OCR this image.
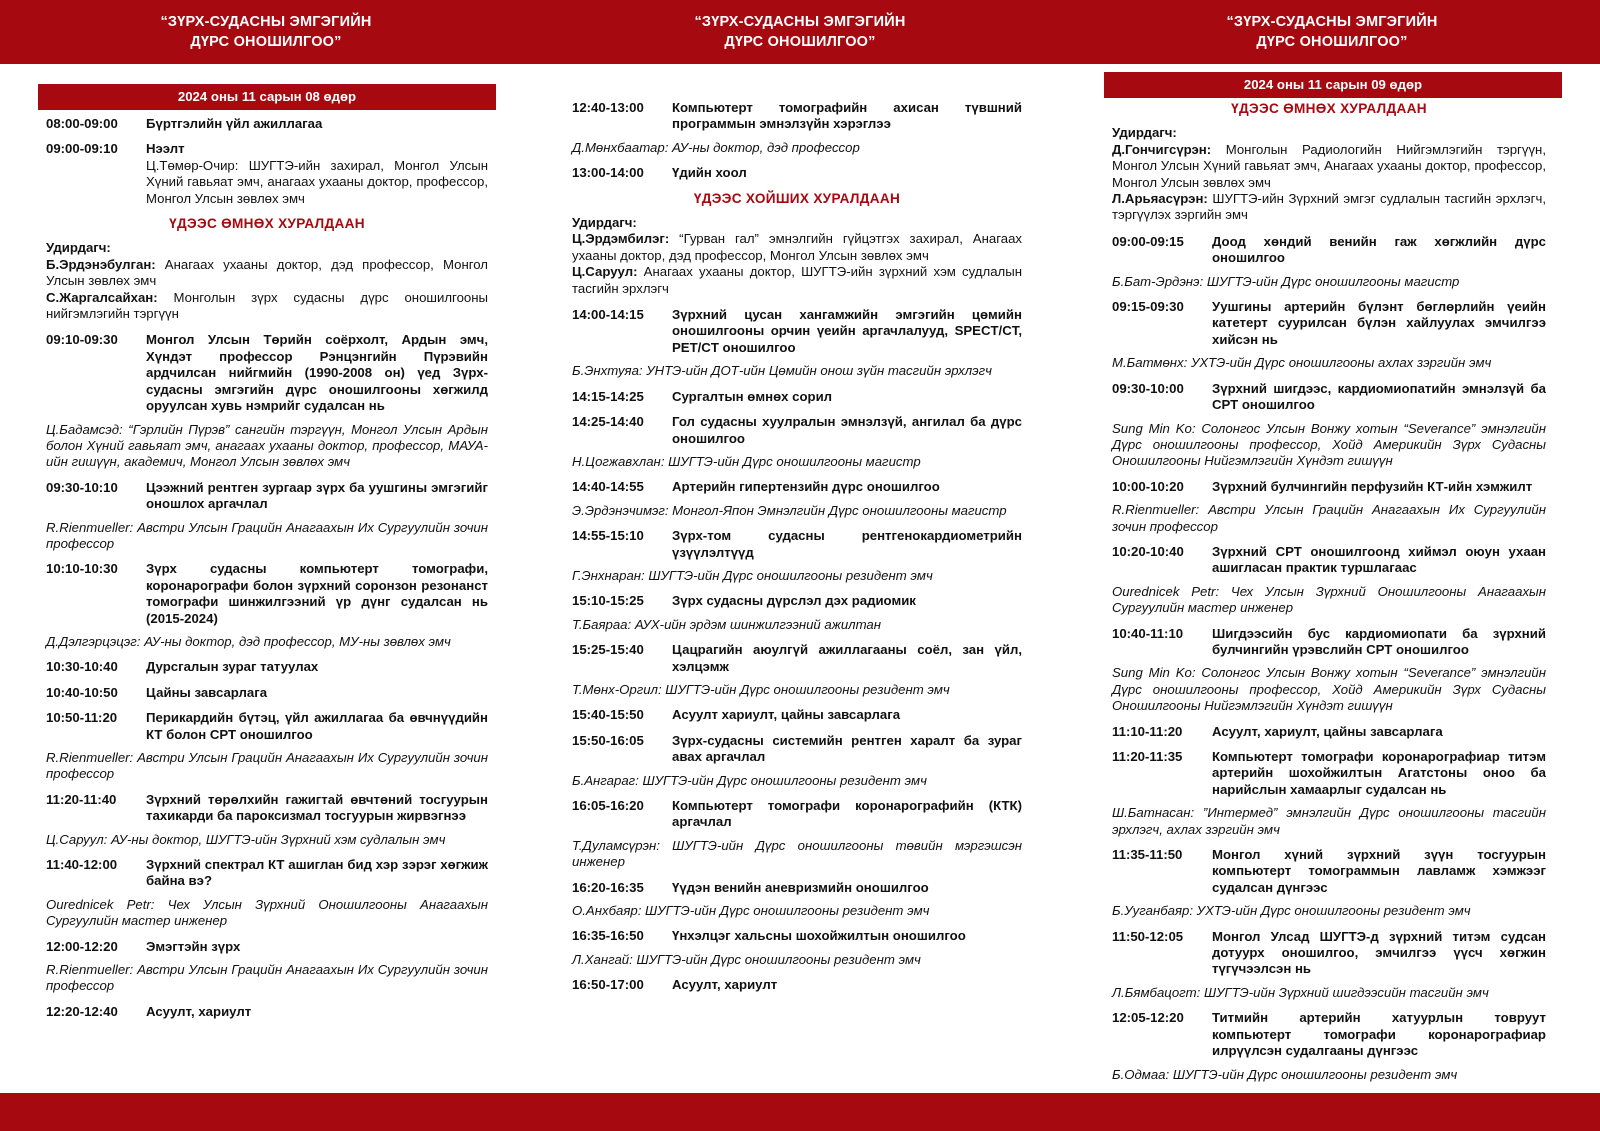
“ЗҮРХ-СУДАСНЫ ЭМГЭГИЙН
ДҮРС ОНОШИЛГОО”
“ЗҮРХ-СУДАСНЫ ЭМГЭГИЙН
ДҮРС ОНОШИЛГОО”
“ЗҮРХ-СУДАСНЫ ЭМГЭГИЙН
ДҮРС ОНОШИЛГОО”
2024 оны 11 сарын 08 өдөр
08:00-09:00	Бүртгэлийн үйл ажиллагаа
09:00-09:10	Нээлт
Ц.Төмөр-Очир: ШУГТЭ-ийн захирал, Монгол Улсын Хүний гавьяат эмч, анагаах ухааны доктор, профессор, Монгол Улсын зөвлөх эмч
ҮДЭЭС ӨМНӨХ ХУРАЛДААН
Удирдагч:
Б.Эрдэнэбулган: Анагаах ухааны доктор, дэд профессор, Монгол Улсын зөвлөх эмч
С.Жаргалсайхан: Монголын зүрх судасны дүрс оношилгооны нийгэмлэгийн тэргүүн
09:10-09:30	Монгол Улсын Төрийн соёрхолт, Ардын эмч, Хүндэт профессор Рэнцэнгийн Пүрэвийн ардчилсан нийгмийн (1990-2008 он) үед Зүрх-судасны эмгэгийн дүрс оношилгооны хөгжилд оруулсан хувь нэмрийг судалсан нь
Ц.Бадамсэд: “Гэрлийн Пүрэв” сангийн тэргүүн, Монгол Улсын Ардын болон Хүний гавьяат эмч, анагаах ухааны доктор, профессор, МАУА-ийн гишүүн, академич, Монгол Улсын зөвлөх эмч
09:30-10:10	Цээжний рентген зургаар зүрх ба уушгины эмгэгийг оношлох аргачлал
R.Rienmueller: Австри Улсын Грацийн Анагаахын Их Сургуулийн зочин профессор
10:10-10:30	Зүрх судасны компьютерт томографи, коронарографи болон зүрхний соронзон резонанст томографи шинжилгээний үр дүнг судалсан нь (2015-2024)
Д.Дэлгэрцэцэг: АУ-ны доктор, дэд профессор, МУ-ны зөвлөх эмч
10:30-10:40	Дурсгалын зураг татуулах
10:40-10:50	Цайны завсарлага
10:50-11:20	Перикардийн бүтэц, үйл ажиллагаа ба өвчнүүдийн КТ болон СРТ оношилгоо
R.Rienmueller: Австри Улсын Грацийн Анагаахын Их Сургуулийн зочин профессор
11:20-11:40	Зүрхний төрөлхийн гажигтай өвчтөний тосгуурын тахикарди ба пароксизмал тосгуурын жирвэгнээ
Ц.Саруул: АУ-ны доктор, ШУГТЭ-ийн Зүрхний хэм судлалын эмч
11:40-12:00	Зүрхний спектрал КТ ашиглан бид хэр зэрэг хөгжиж байна вэ?
Ourednicek Petr: Чех Улсын Зүрхний Оношилгооны Анагаахын Сургуулийн мастер инженер
12:00-12:20	Эмэгтэйн зүрх
R.Rienmueller: Австри Улсын Грацийн Анагаахын Их Сургуулийн зочин профессор
12:20-12:40	Асуулт, хариулт
12:40-13:00	Компьютерт томографийн ахисан түвшний программын эмнэлзүйн хэрэглээ
Д.Мөнхбаатар: АУ-ны доктор, дэд профессор
13:00-14:00	Үдийн хоол
ҮДЭЭС ХОЙШИХ ХУРАЛДААН
Удирдагч:
Ц.Эрдэмбилэг: “Гурван гал” эмнэлгийн гүйцэтгэх захирал, Анагаах ухааны доктор, дэд профессор, Монгол Улсын зөвлөх эмч
Ц.Саруул: Анагаах ухааны доктор, ШУГТЭ-ийн зүрхний хэм судлалын тасгийн эрхлэгч
14:00-14:15	Зүрхний цусан хангамжийн эмгэгийн цөмийн оношилгооны орчин үеийн аргачлалууд, SPECT/CT, PET/CT оношилгоо
Б.Энхтуяа: УНТЭ-ийн ДОТ-ийн Цөмийн онош зүйн тасгийн эрхлэгч
14:15-14:25	Сургалтын өмнөх сорил
14:25-14:40	Гол судасны хуулралын эмнэлзүй, ангилал ба дүрс оношилгоо
Н.Цогжавхлан: ШУГТЭ-ийн Дүрс оношилгооны магистр
14:40-14:55	Артерийн гипертензийн дүрс оношилгоо
Э.Эрдэнэчимэг: Монгол-Япон Эмнэлгийн Дүрс оношилгооны магистр
14:55-15:10	Зүрх-том судасны рентгенокардиометрийн үзүүлэлтүүд
Г.Энхнаран: ШУГТЭ-ийн Дүрс оношилгооны резидент эмч
15:10-15:25	Зүрх судасны дүрслэл дэх радиомик
Т.Баяраа: АУХ-ийн эрдэм шинжилгээний ажилтан
15:25-15:40	Цацрагийн аюулгүй ажиллагааны соёл, зан үйл, хэлцэмж
Т.Мөнх-Оргил: ШУГТЭ-ийн Дүрс оношилгооны резидент эмч
15:40-15:50	Асуулт хариулт, цайны завсарлага
15:50-16:05	Зүрх-судасны системийн рентген харалт ба зураг авах аргачлал
Б.Ангараг: ШУГТЭ-ийн Дүрс оношилгооны резидент эмч
16:05-16:20	Компьютерт томографи коронарографийн (КТК) аргачлал
Т.Дуламсүрэн: ШУГТЭ-ийн Дүрс оношилгооны төвийн мэргэшсэн инженер
16:20-16:35	Үүдэн венийн аневризмийн оношилгоо
О.Анхбаяр: ШУГТЭ-ийн Дүрс оношилгооны резидент эмч
16:35-16:50	Үнхэлцэг хальсны шохойжилтын оношилгоо
Л.Хангай: ШУГТЭ-ийн Дүрс оношилгооны резидент эмч
16:50-17:00	Асуулт, хариулт
2024 оны 11 сарын 09 өдөр
ҮДЭЭС ӨМНӨХ ХУРАЛДААН
Удирдагч:
Д.Гончигсүрэн: Монголын Радиологийн Нийгэмлэгийн тэргүүн, Монгол Улсын Хүний гавьяат эмч, Анагаах ухааны доктор, профессор, Монгол Улсын зөвлөх эмч
Л.Арьяасүрэн: ШУГТЭ-ийн Зүрхний эмгэг судлалын тасгийн эрхлэгч, тэргүүлэх зэргийн эмч
09:00-09:15	Доод хөндий венийн гаж хөгжлийн дүрс оношилгоо
Б.Бат-Эрдэнэ: ШУГТЭ-ийн Дүрс оношилгооны магистр
09:15-09:30	Уушгины артерийн бүлэнт бөглөрлийн үеийн катетерт суурилсан бүлэн хайлуулах эмчилгээ хийсэн нь
М.Батмөнх: УХТЭ-ийн Дүрс оношилгооны ахлах зэргийн эмч
09:30-10:00	Зүрхний шигдээс, кардиомиопатийн эмнэлзүй ба СРТ оношилгоо
Sung Min Ko: Солонгос Улсын Вонжу хотын “Severance” эмнэлгийн Дүрс оношилгооны профессор, Хойд Америкийн Зүрх Судасны Оношилгооны Нийгэмлэгийн Хүндэт гишүүн
10:00-10:20	Зүрхний булчингийн перфузийн КТ-ийн хэмжилт
R.Rienmueller: Австри Улсын Грацийн Анагаахын Их Сургуулийн зочин профессор
10:20-10:40	Зүрхний СРТ оношилгоонд хиймэл оюун ухаан ашигласан практик туршлагаас
Ourednicek Petr: Чех Улсын Зүрхний Оношилгооны Анагаахын Сургуулийн мастер инженер
10:40-11:10	Шигдээсийн бус кардиомиопати ба зүрхний булчингийн үрэвслийн СРТ оношилгоо
Sung Min Ko: Солонгос Улсын Вонжу хотын “Severance” эмнэлгийн Дүрс оношилгооны профессор, Хойд Америкийн Зүрх Судасны Оношилгооны Нийгэмлэгийн Хүндэт гишүүн
11:10-11:20	Асуулт, хариулт, цайны завсарлага
11:20-11:35	Компьютерт томографи коронарографиар титэм артерийн шохойжилтын Агатстоны оноо ба нарийслын хамаарлыг судалсан нь
Ш.Батнасан: ”Интермед” эмнэлгийн Дүрс оношилгооны тасгийн эрхлэгч, ахлах зэргийн эмч
11:35-11:50	Монгол хүний зүрхний зүүн тосгуурын компьютерт томограммын лавламж хэмжээг судалсан дүнгээс
Б.Ууганбаяр: УХТЭ-ийн Дүрс оношилгооны резидент эмч
11:50-12:05	Монгол Улсад ШУГТЭ-д зүрхний титэм судсан дотуурх оношилгоо, эмчилгээ үүсч хөгжин түгүчээлсэн нь
Л.Бямбацогт: ШУГТЭ-ийн Зүрхний шигдээсийн тасгийн эмч
12:05-12:20	Титмийн артерийн хатуурлын товруут компьютерт томографи коронарографиар илрүүлсэн судалгааны дүнгээс
Б.Одмаа: ШУГТЭ-ийн Дүрс оношилгооны резидент эмч
